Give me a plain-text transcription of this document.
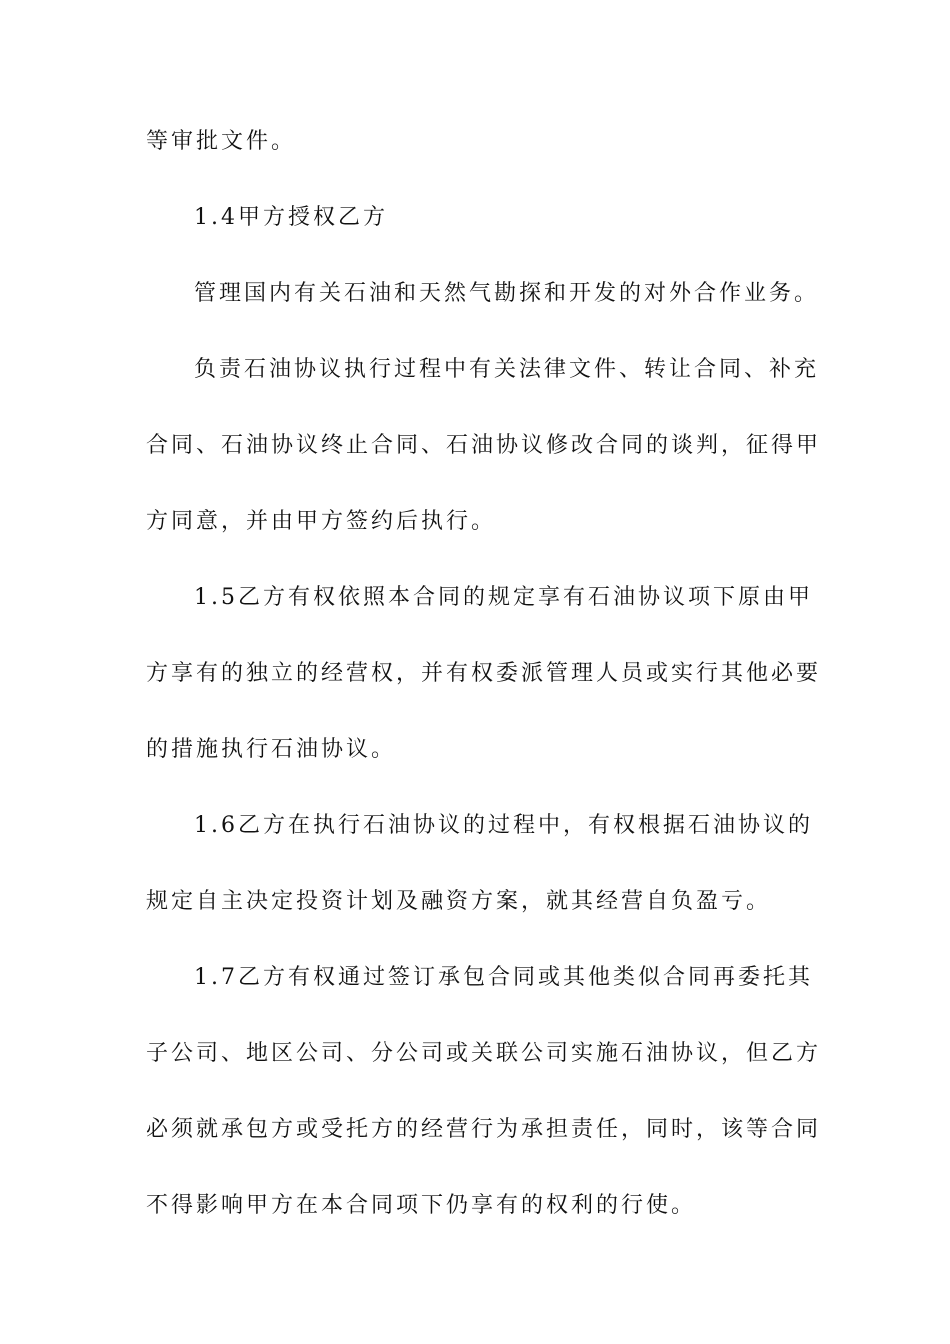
等审批文件。
1.4甲方授权乙方
管理国内有关石油和天然气勘探和开发的对外合作业务。
负责石油协议执行过程中有关法律文件、转让合同、补充
合同、石油协议终止合同、石油协议修改合同的谈判，征得甲
方同意，并由甲方签约后执行。
1.5乙方有权依照本合同的规定享有石油协议项下原由甲
方享有的独立的经营权，并有权委派管理人员或实行其他必要
的措施执行石油协议。
1.6乙方在执行石油协议的过程中，有权根据石油协议的
规定自主决定投资计划及融资方案，就其经营自负盈亏。
1.7乙方有权通过签订承包合同或其他类似合同再委托其
子公司、地区公司、分公司或关联公司实施石油协议，但乙方
必须就承包方或受托方的经营行为承担责任，同时，该等合同
不得影响甲方在本合同项下仍享有的权利的行使。
